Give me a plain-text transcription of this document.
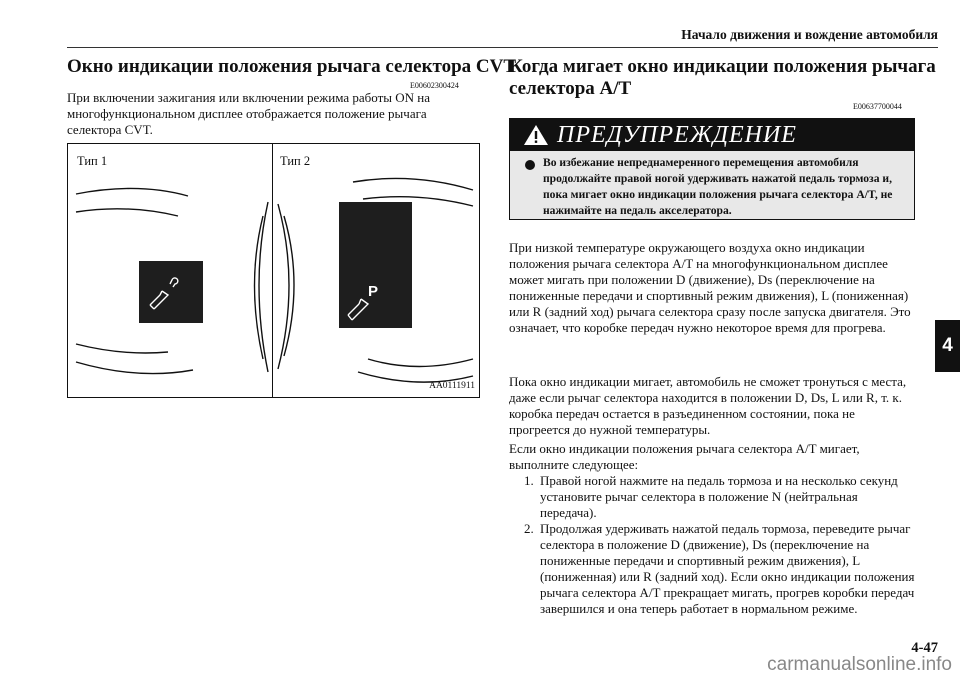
Начало движения и вождение автомобиля
Окно индикации положения рычага селектора CVT
E00602300424

При включении зажигания или включении режима работы ON на многофункциональном дисплее отображается положение рычага селектора CVT.

Тип 1	Тип 2
P
AA0111911
Когда мигает окно индикации положения рычага
селектора A/T
E00637700044
ПРЕДУПРЕЖДЕНИЕ

Во избежание непреднамеренного перемещения автомобиля продолжайте правой ногой удерживать нажатой педаль тормоза и, пока мигает окно индикации положения рычага селектора A/T, не нажимайте на педаль акселератора.

При низкой температуре окружающего воздуха окно индикации положения рычага селектора A/T на многофункциональном дисплее может мигать при положении D (движение), Ds (переключение на пониженные передачи и спортивный режим движения), L (пониженная) или R (задний ход) рычага селектора сразу после запуска двигателя. Это означает, что коробке передач нужно некоторое время для прогрева.

Пока окно индикации мигает, автомобиль не сможет тронуться с места, даже если рычаг селектора находится в положении D, Ds, L или R, т. к. коробка передач остается в разъединенном состоянии, пока не прогреется до нужной температуры.

Если окно индикации положения рычага селектора A/T мигает, выполните следующее:

1. Правой ногой нажмите на педаль тормоза и на несколько секунд установите рычаг селектора в положение N (нейтральная передача).

2. Продолжая удерживать нажатой педаль тормоза, переведите рычаг селектора в положение D (движение), Ds (переключение на пониженные передачи и спортивный режим движения), L (пониженная) или R (задний ход). Если окно индикации положения рычага селектора A/T прекращает мигать, прогрев коробки передач завершился и она теперь работает в нормальном режиме.

4
4-47
carmanualsonline.info
